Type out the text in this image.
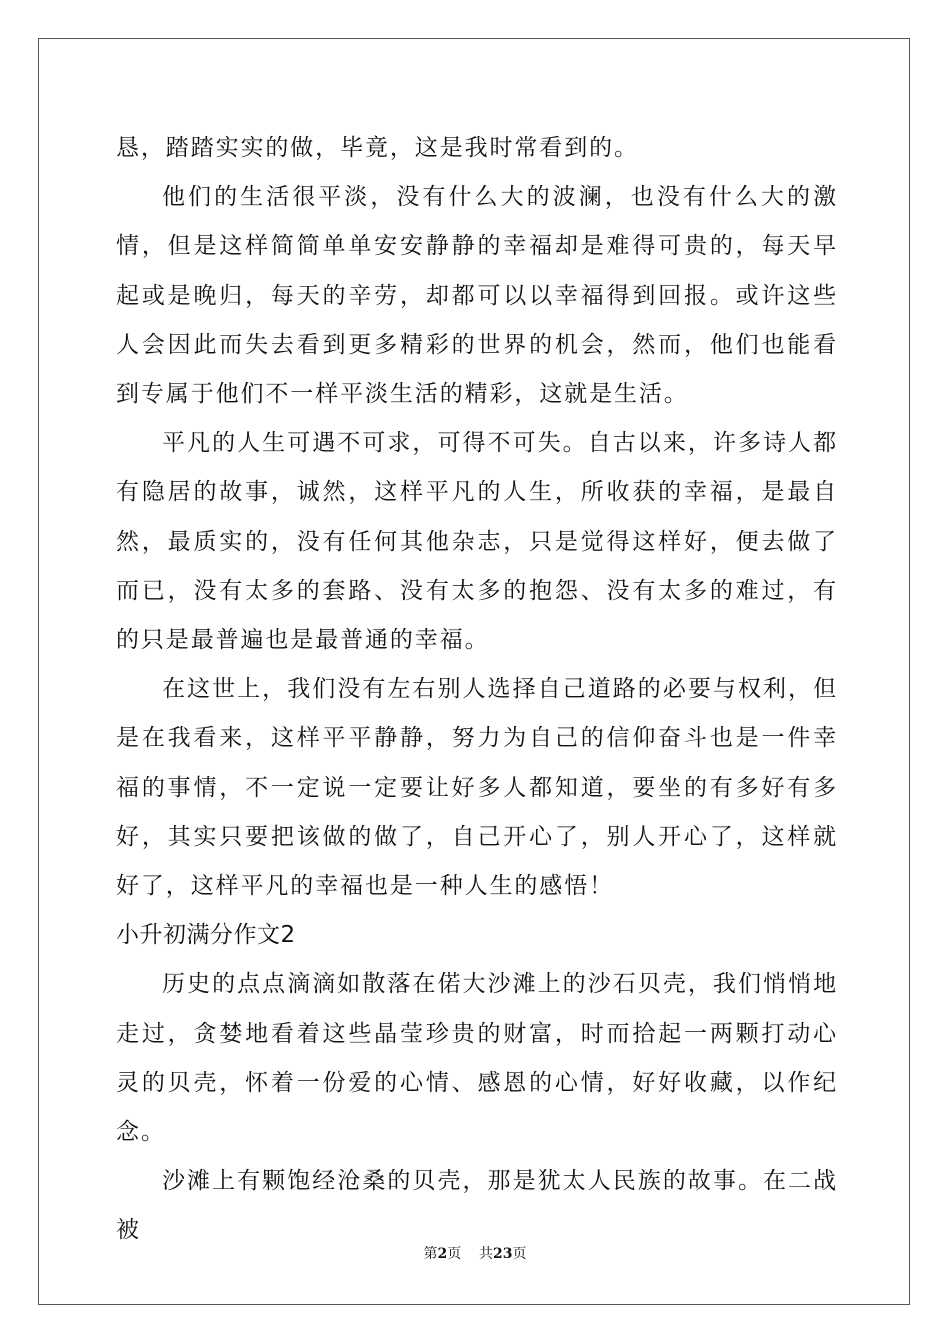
恳，踏踏实实的做，毕竟，这是我时常看到的。

他们的生活很平淡，没有什么大的波澜，也没有什么大的激情，但是这样简简单单安安静静的幸福却是难得可贵的，每天早起或是晚归，每天的辛劳，却都可以以幸福得到回报。或许这些人会因此而失去看到更多精彩的世界的机会，然而，他们也能看到专属于他们不一样平淡生活的精彩，这就是生活。

平凡的人生可遇不可求，可得不可失。自古以来，许多诗人都有隐居的故事，诚然，这样平凡的人生，所收获的幸福，是最自然，最质实的，没有任何其他杂志，只是觉得这样好，便去做了而已，没有太多的套路、没有太多的抱怨、没有太多的难过，有的只是最普遍也是最普通的幸福。

在这世上，我们没有左右别人选择自己道路的必要与权利，但是在我看来，这样平平静静，努力为自己的信仰奋斗也是一件幸福的事情，不一定说一定要让好多人都知道，要坐的有多好有多好，其实只要把该做的做了，自己开心了，别人开心了，这样就好了，这样平凡的幸福也是一种人生的感悟！

小升初满分作文2

历史的点点滴滴如散落在偌大沙滩上的沙石贝壳，我们悄悄地走过，贪婪地看着这些晶莹珍贵的财富，时而拾起一两颗打动心灵的贝壳，怀着一份爱的心情、感恩的心情，好好收藏，以作纪念。

沙滩上有颗饱经沧桑的贝壳，那是犹太人民族的故事。在二战被

第2页 共23页
